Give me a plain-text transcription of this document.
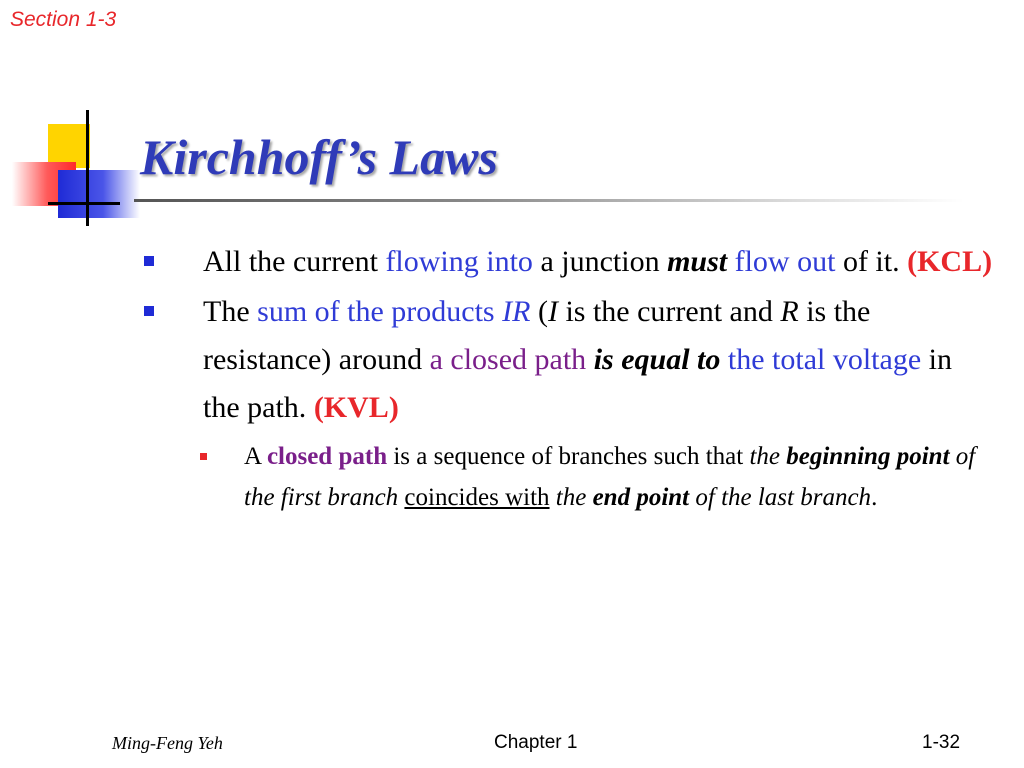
Section 1-3
Kirchhoff’s Laws
All the current flowing into a junction must flow out of it. (KCL)
The sum of the products IR (I is the current and R is the resistance) around a closed path is equal to the total voltage in the path. (KVL)
A closed path is a sequence of branches such that the beginning point of the first branch coincides with the end point of the last branch.
Ming-Feng Yeh	Chapter 1	1-32
